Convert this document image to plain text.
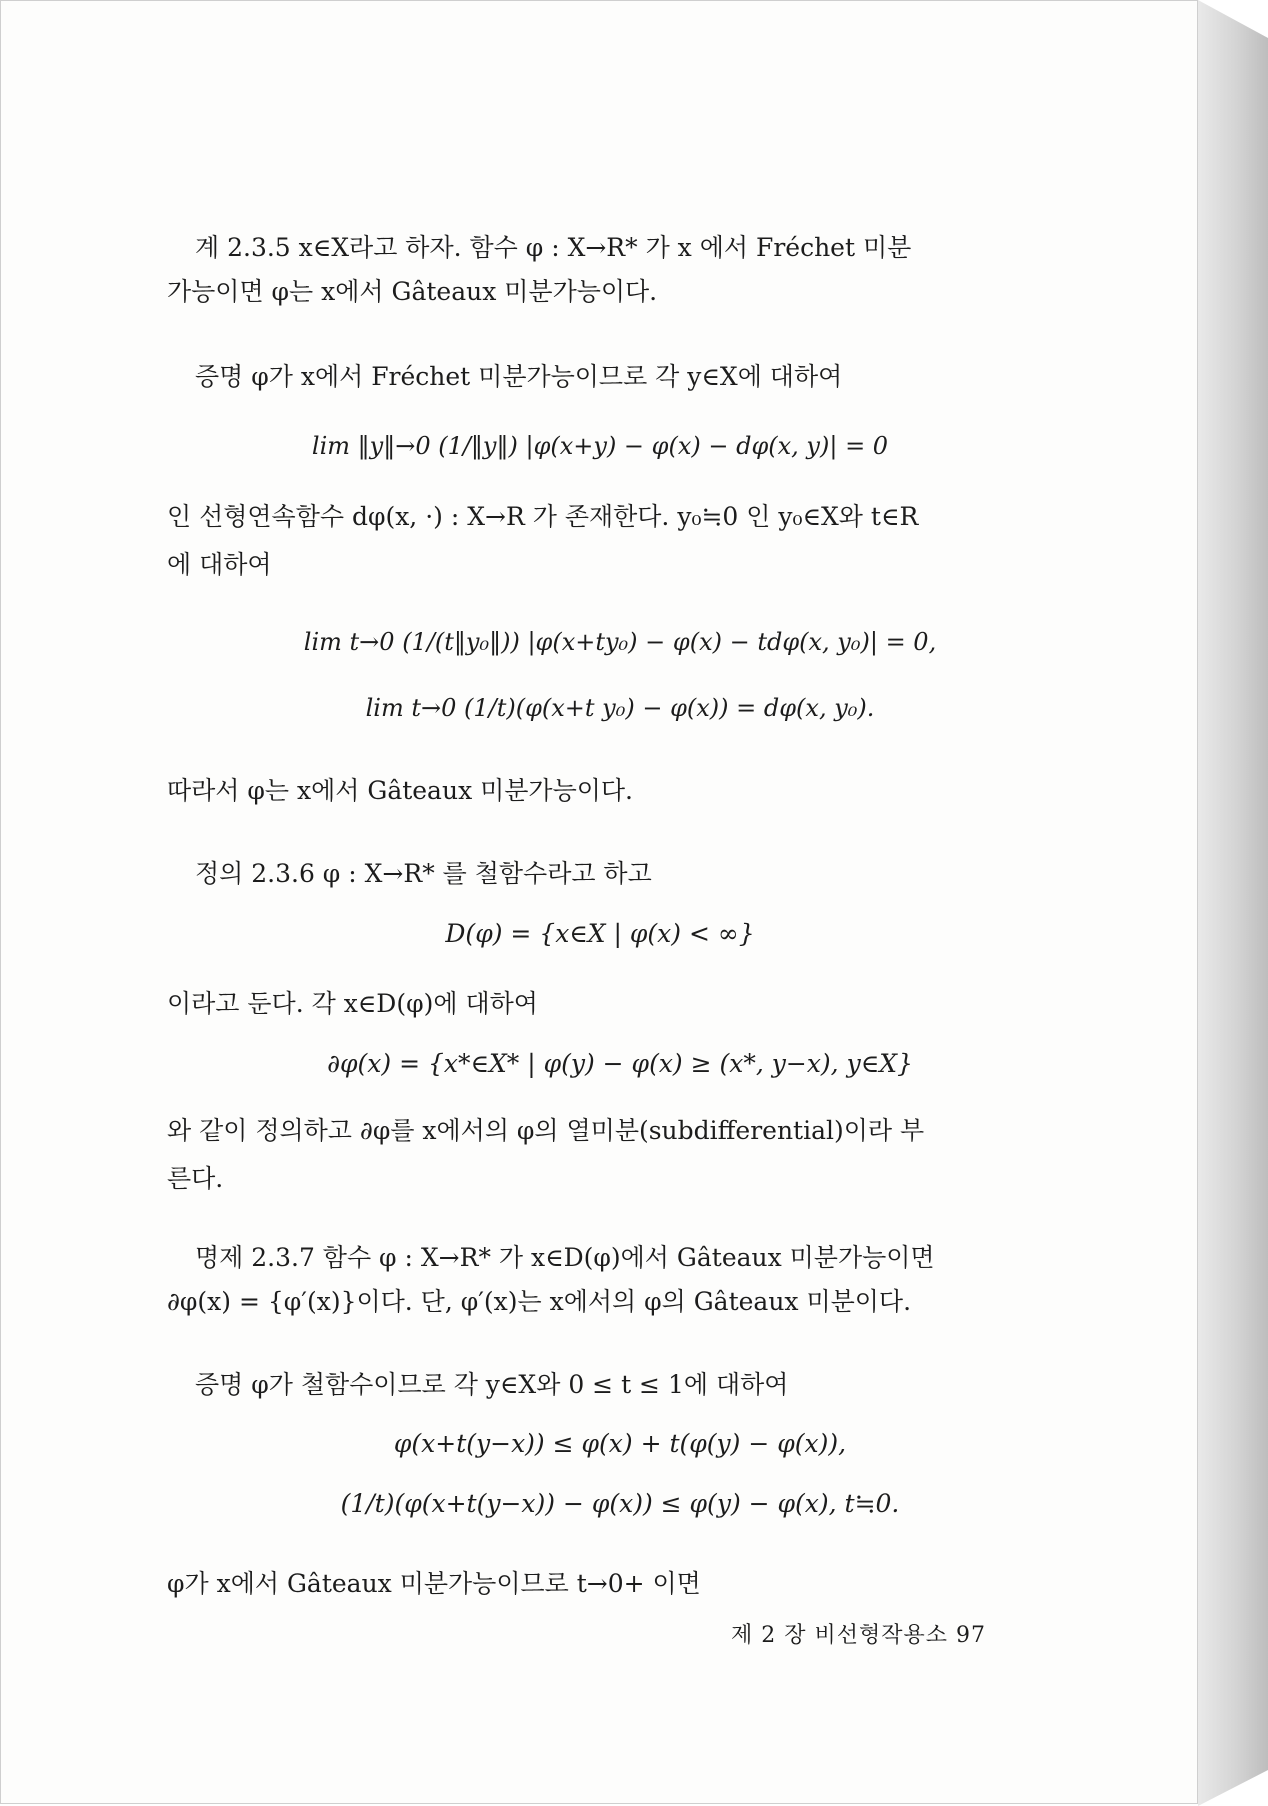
계 2.3.5 x∈X라고 하자. 함수 φ : X→R* 가 x 에서 Fréchet 미분
가능이면 φ는 x에서 Gâteaux 미분가능이다.
증명 φ가 x에서 Fréchet 미분가능이므로 각 y∈X에 대하여
lim ‖y‖→0 (1/‖y‖) |φ(x+y) − φ(x) − dφ(x, y)| = 0
인 선형연속함수 dφ(x, ·) : X→R 가 존재한다. y₀≒0 인 y₀∈X와 t∈R
에 대하여
lim t→0 (1/(t‖y₀‖)) |φ(x+ty₀) − φ(x) − tdφ(x, y₀)| = 0,
lim t→0 (1/t)(φ(x+t y₀) − φ(x)) = dφ(x, y₀).
따라서 φ는 x에서 Gâteaux 미분가능이다.
정의 2.3.6 φ : X→R* 를 철함수라고 하고
D(φ) = {x∈X | φ(x) < ∞}
이라고 둔다. 각 x∈D(φ)에 대하여
∂φ(x) = {x*∈X* | φ(y) − φ(x) ≥ (x*, y−x), y∈X}
와 같이 정의하고 ∂φ를 x에서의 φ의 열미분(subdifferential)이라 부
른다.
명제 2.3.7 함수 φ : X→R* 가 x∈D(φ)에서 Gâteaux 미분가능이면
∂φ(x) = {φ′(x)}이다. 단, φ′(x)는 x에서의 φ의 Gâteaux 미분이다.
증명 φ가 철함수이므로 각 y∈X와 0 ≤ t ≤ 1에 대하여
φ(x+t(y−x)) ≤ φ(x) + t(φ(y) − φ(x)),
(1/t)(φ(x+t(y−x)) − φ(x)) ≤ φ(y) − φ(x), t≒0.
φ가 x에서 Gâteaux 미분가능이므로 t→0+ 이면
제 2 장 비선형작용소 97
